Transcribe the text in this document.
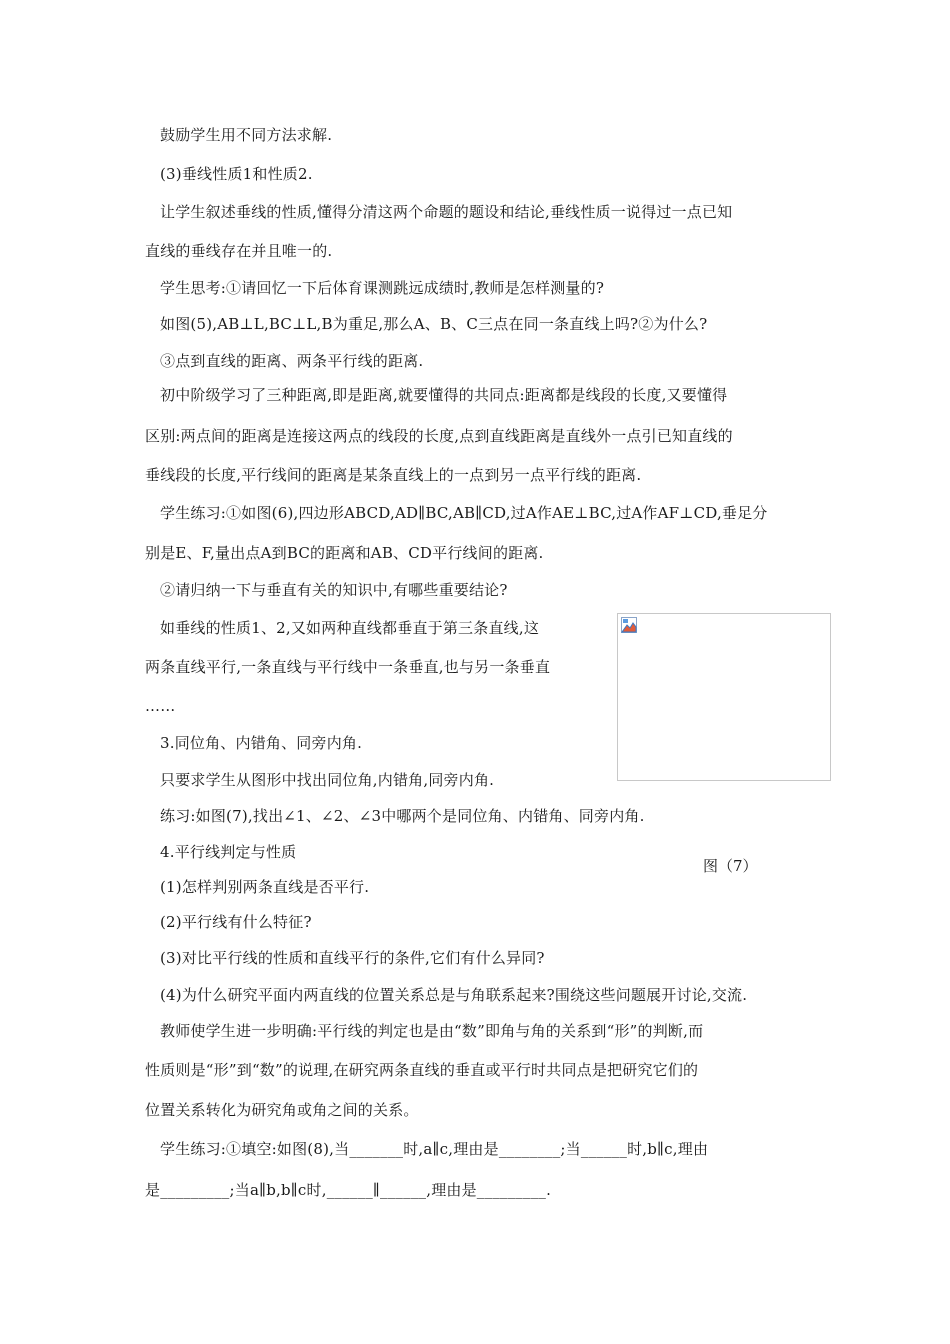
鼓励学生用不同方法求解.
(3)垂线性质1和性质2.
让学生叙述垂线的性质,懂得分清这两个命题的题设和结论,垂线性质一说得过一点已知
直线的垂线存在并且唯一的.
学生思考:①请回忆一下后体育课测跳远成绩时,教师是怎样测量的?
如图(5),AB⊥L,BC⊥L,B为重足,那么A、B、C三点在同一条直线上吗?②为什么?
③点到直线的距离、两条平行线的距离.
初中阶级学习了三种距离,即是距离,就要懂得的共同点:距离都是线段的长度,又要懂得
区别:两点间的距离是连接这两点的线段的长度,点到直线距离是直线外一点引已知直线的
垂线段的长度,平行线间的距离是某条直线上的一点到另一点平行线的距离.
学生练习:①如图(6),四边形ABCD,AD∥BC,AB∥CD,过A作AE⊥BC,过A作AF⊥CD,垂足分
别是E、F,量出点A到BC的距离和AB、CD平行线间的距离.
②请归纳一下与垂直有关的知识中,有哪些重要结论?
如垂线的性质1、2,又如两种直线都垂直于第三条直线,这
两条直线平行,一条直线与平行线中一条垂直,也与另一条垂直
……
3.同位角、内错角、同旁内角.
只要求学生从图形中找出同位角,内错角,同旁内角.
练习:如图(7),找出∠1、∠2、∠3中哪两个是同位角、内错角、同旁内角.
4.平行线判定与性质
(1)怎样判别两条直线是否平行.
(2)平行线有什么特征?
(3)对比平行线的性质和直线平行的条件,它们有什么异同?
(4)为什么研究平面内两直线的位置关系总是与角联系起来?围绕这些问题展开讨论,交流.
教师使学生进一步明确:平行线的判定也是由“数”即角与角的关系到“形”的判断,而
性质则是“形”到“数”的说理,在研究两条直线的垂直或平行时共同点是把研究它们的
位置关系转化为研究角或角之间的关系。
学生练习:①填空:如图(8),当_______时,a∥c,理由是________;当______时,b∥c,理由
是_________;当a∥b,b∥c时,______∥______,理由是_________.
图（7）
